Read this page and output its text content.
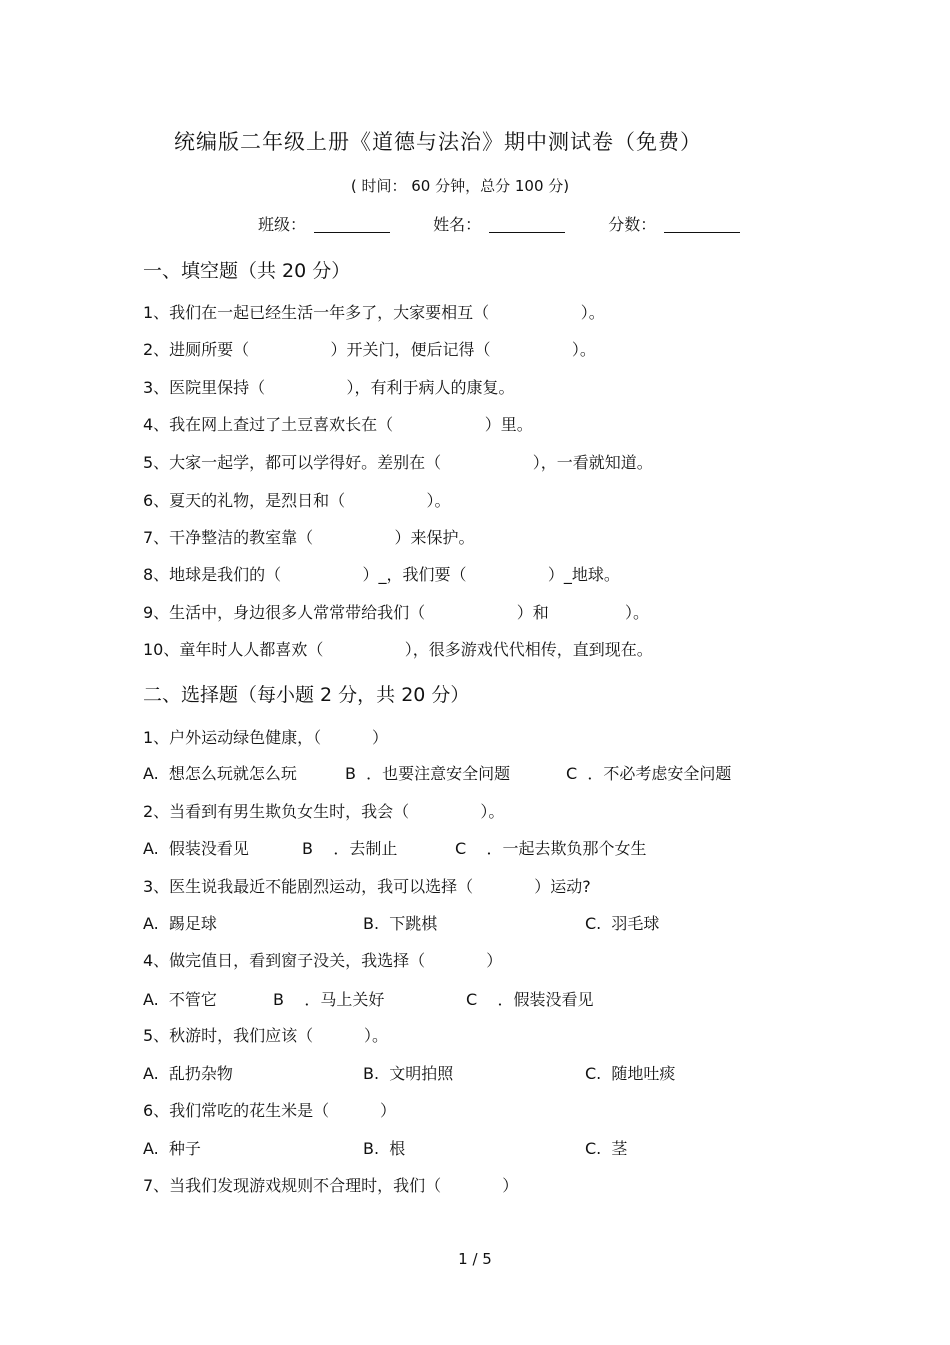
统编版二年级上册《道德与法治》期中测试卷（免费）
( 时间： 60 分钟，总分 100 分)
班级：	姓名：	分数：
一、填空题（共 20 分）
1、我们在一起已经生活一年多了，大家要相互（                  ）。
2、进厕所要（                ）开关门，便后记得（                ）。
3、医院里保持（                ），有利于病人的康复。
4、我在网上查过了土豆喜欢长在（                  ）里。
5、大家一起学，都可以学得好。差别在（                  ），一看就知道。
6、夏天的礼物，是烈日和（                ）。
7、干净整洁的教室靠（                ）来保护。
8、地球是我们的（                ）_，我们要（                ）_地球。
9、生活中，身边很多人常常带给我们（                  ）和               ）。
10、童年时人人都喜欢（                ），很多游戏代代相传，直到现在。
二、选择题（每小题 2 分，共 20 分）
1、户外运动绿色健康，（          ）
A.  想怎么玩就怎么玩	B  ．也要注意安全问题	C  ．不必考虑安全问题
2、当看到有男生欺负女生时，我会（              ）。
A.  假装没看见	B    ．去制止	C    ．一起去欺负那个女生
3、医生说我最近不能剧烈运动，我可以选择（            ）运动?
A.  踢足球	B.  下跳棋	C.  羽毛球
4、做完值日，看到窗子没关，我选择（            ）
A.  不管它	B    ．马上关好	C    ．假装没看见
5、秋游时，我们应该（          ）。
A.  乱扔杂物	B.  文明拍照	C.  随地吐痰
6、我们常吃的花生米是（          ）
A.  种子	B.  根	C.  茎
7、当我们发现游戏规则不合理时，我们（            ）
1 / 5
